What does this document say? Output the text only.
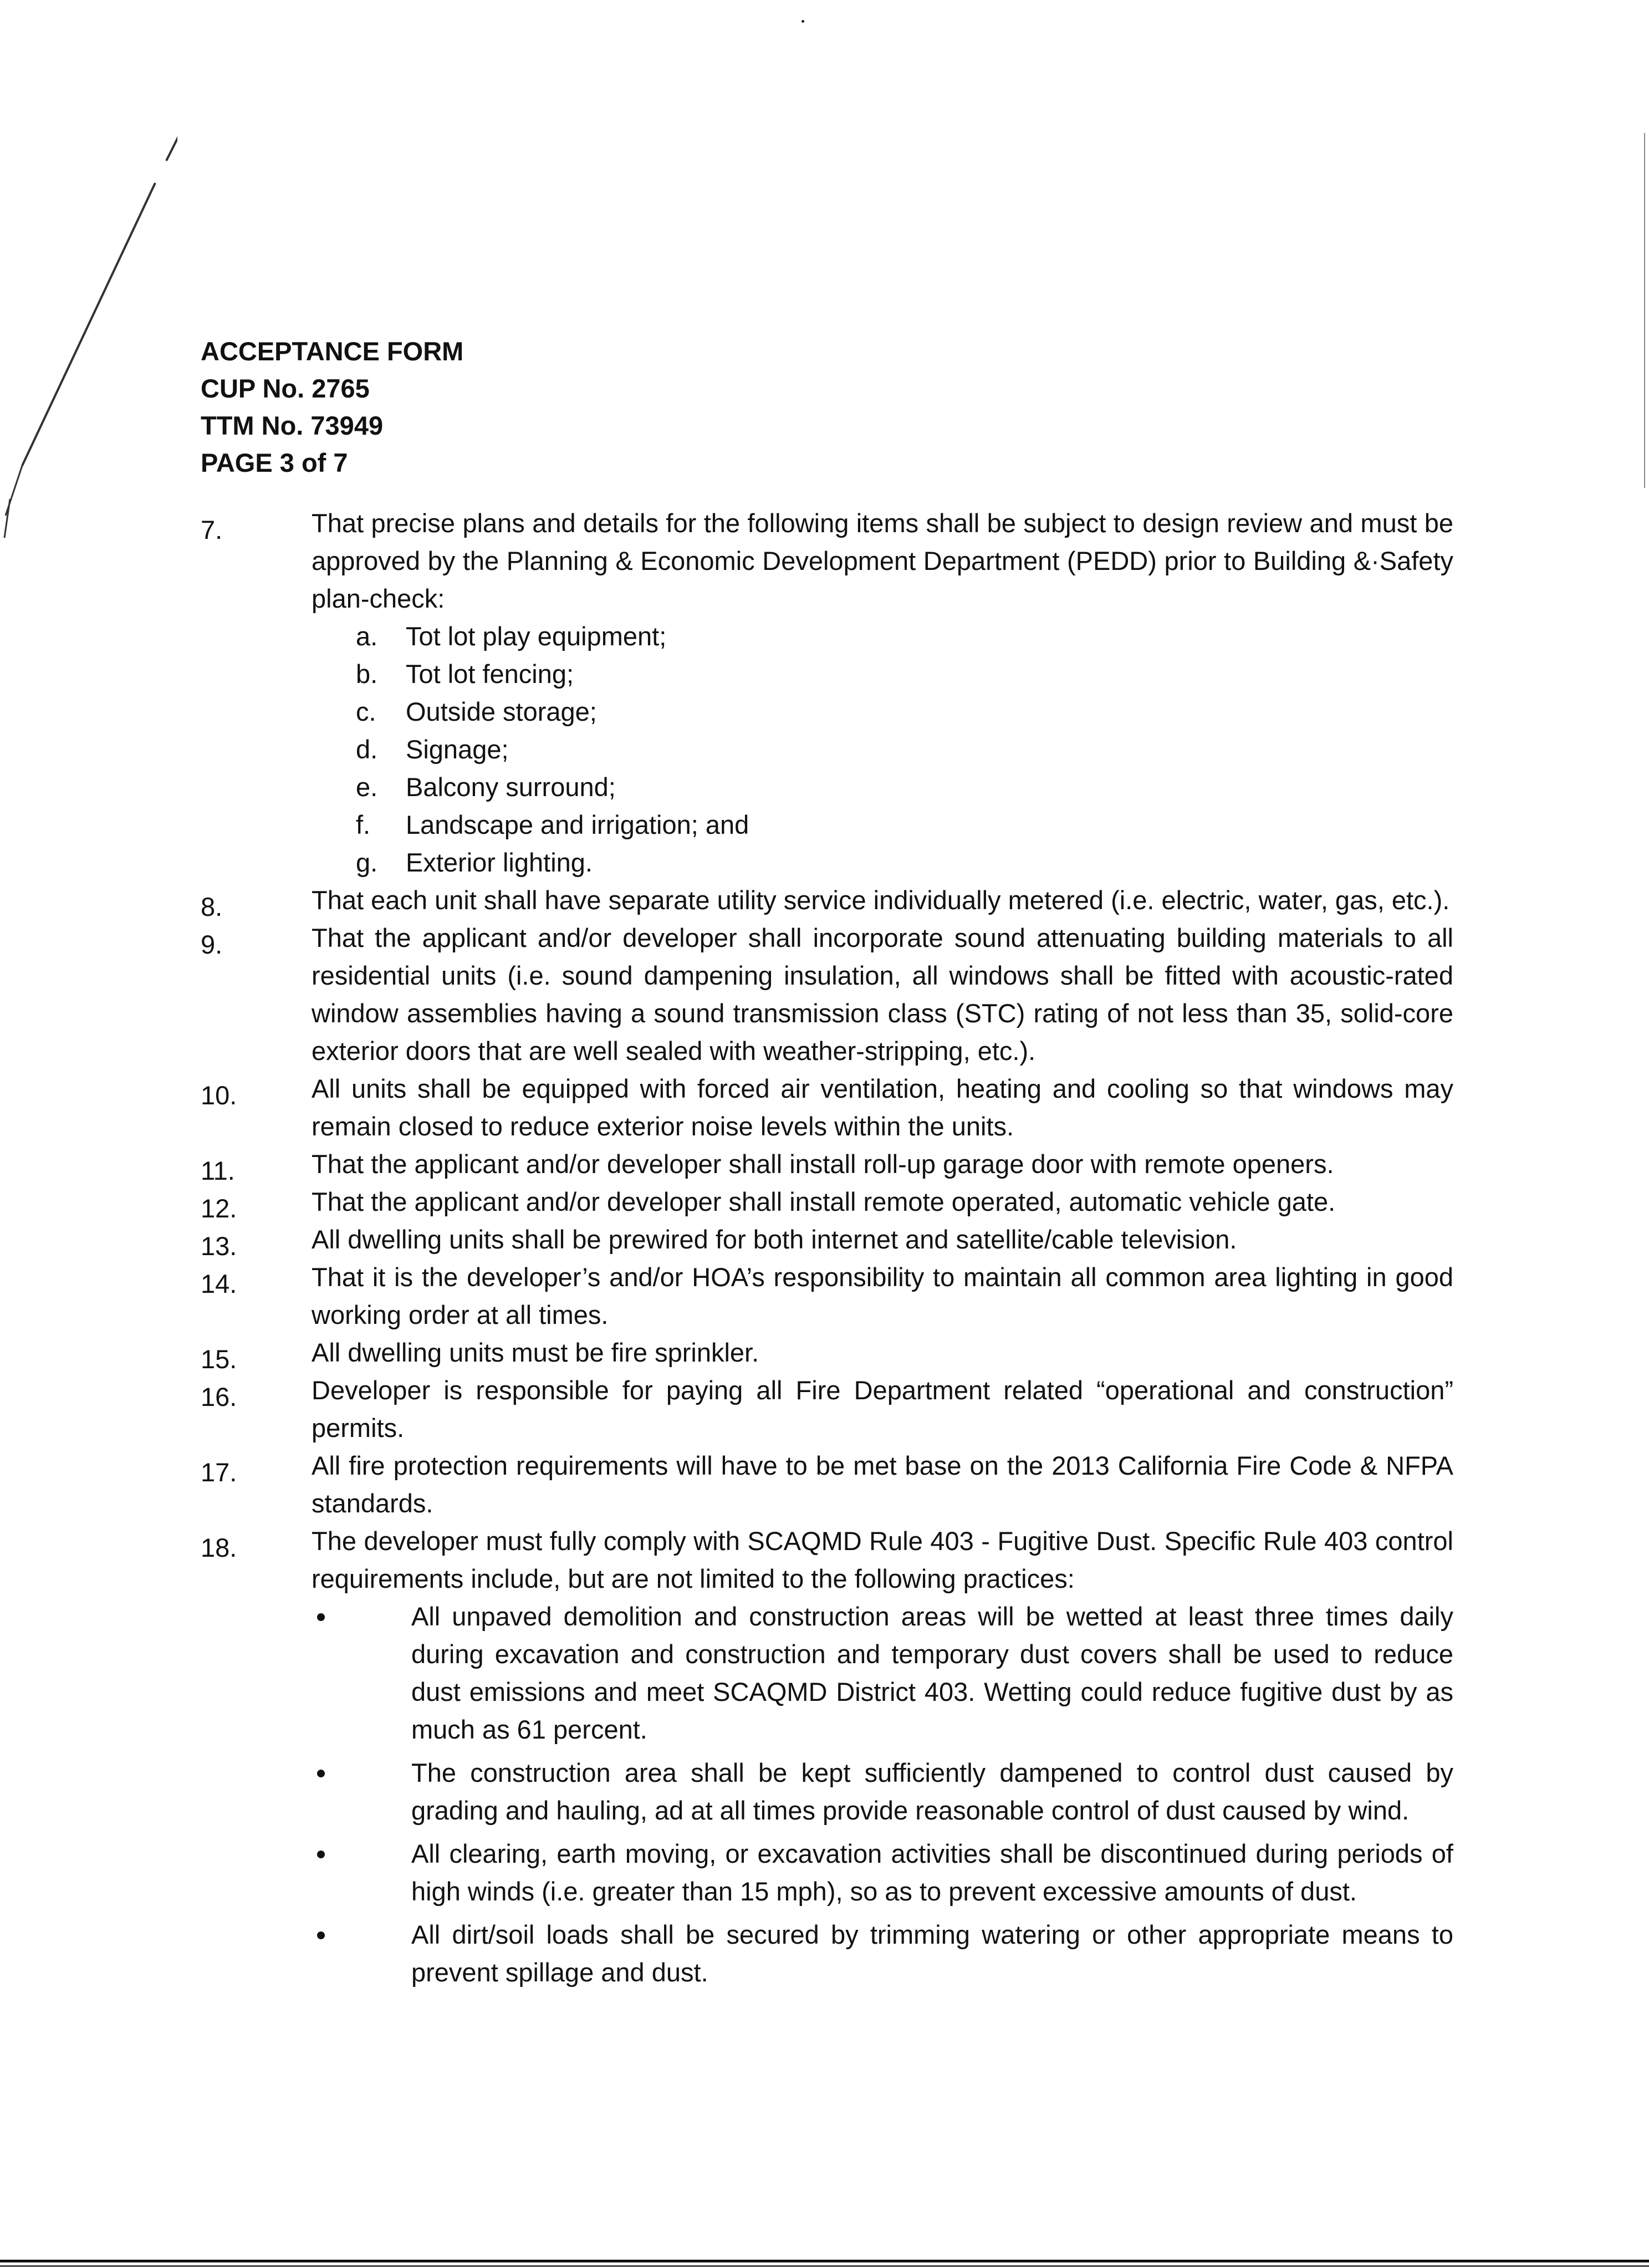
ACCEPTANCE FORM
CUP No. 2765
TTM No. 73949
PAGE 3 of 7
7.	That precise plans and details for the following items shall be subject to design review and must be approved by the Planning & Economic Development Department (PEDD) prior to Building &·Safety plan-check:
a. Tot lot play equipment;
b. Tot lot fencing;
c. Outside storage;
d. Signage;
e. Balcony surround;
f. Landscape and irrigation; and
g. Exterior lighting.
8.	That each unit shall have separate utility service individually metered (i.e. electric, water, gas, etc.).
9.	That the applicant and/or developer shall incorporate sound attenuating building materials to all residential units (i.e. sound dampening insulation, all windows shall be fitted with acoustic-rated window assemblies having a sound transmission class (STC) rating of not less than 35, solid-core exterior doors that are well sealed with weather-stripping, etc.).
10.	All units shall be equipped with forced air ventilation, heating and cooling so that windows may remain closed to reduce exterior noise levels within the units.
11.	That the applicant and/or developer shall install roll-up garage door with remote openers.
12.	That the applicant and/or developer shall install remote operated, automatic vehicle gate.
13.	All dwelling units shall be prewired for both internet and satellite/cable television.
14.	That it is the developer’s and/or HOA’s responsibility to maintain all common area lighting in good working order at all times.
15.	All dwelling units must be fire sprinkler.
16.	Developer is responsible for paying all Fire Department related “operational and construction” permits.
17.	All fire protection requirements will have to be met base on the 2013 California Fire Code & NFPA standards.
18.	The developer must fully comply with SCAQMD Rule 403 - Fugitive Dust. Specific Rule 403 control requirements include, but are not limited to the following practices:
All unpaved demolition and construction areas will be wetted at least three times daily during excavation and construction and temporary dust covers shall be used to reduce dust emissions and meet SCAQMD District 403. Wetting could reduce fugitive dust by as much as 61 percent.
The construction area shall be kept sufficiently dampened to control dust caused by grading and hauling, ad at all times provide reasonable control of dust caused by wind.
All clearing, earth moving, or excavation activities shall be discontinued during periods of high winds (i.e. greater than 15 mph), so as to prevent excessive amounts of dust.
All dirt/soil loads shall be secured by trimming watering or other appropriate means to prevent spillage and dust.
